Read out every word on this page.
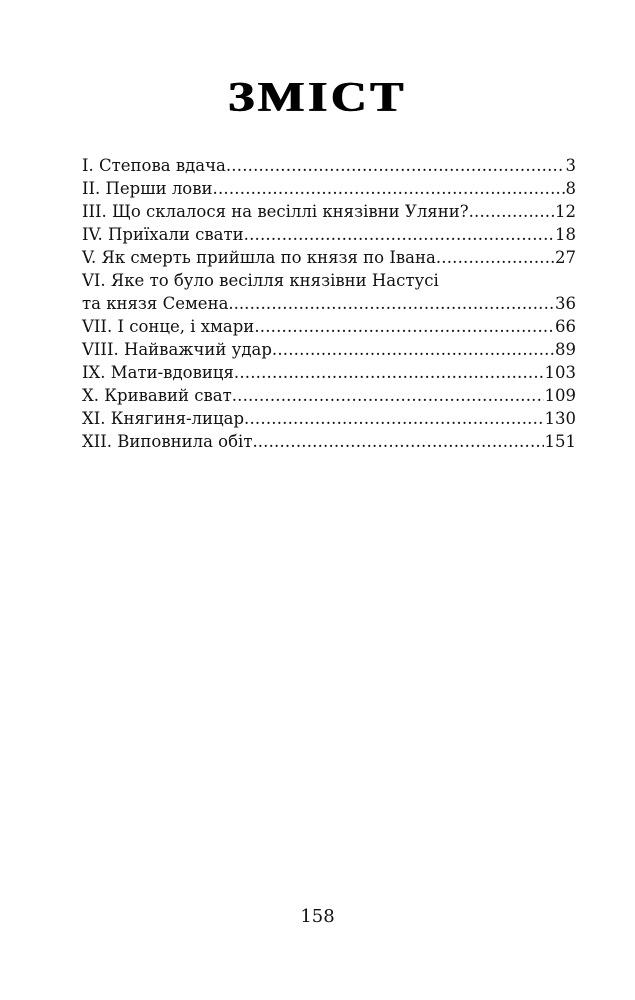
ЗМІСТ
I. Степова вдача .....	3
II. Перши лови .....	8
III. Що склалося на весіллі князівни Уляни? .....	12
IV. Приїхали свати .....	18
V. Як смерть прийшла по князя по Івана .....	27
VI. Яке то було весілля князівни Настусі
та князя Семена... .....	36
VII. І сонце, і хмари .....	66
VIII. Найважчий удар .....	89
IX. Мати-вдовиця .....	103
X. Кривавий сват .....	109
XI. Княгиня-лицар .....	130
XII. Виповнила обіт. .....	151
158
